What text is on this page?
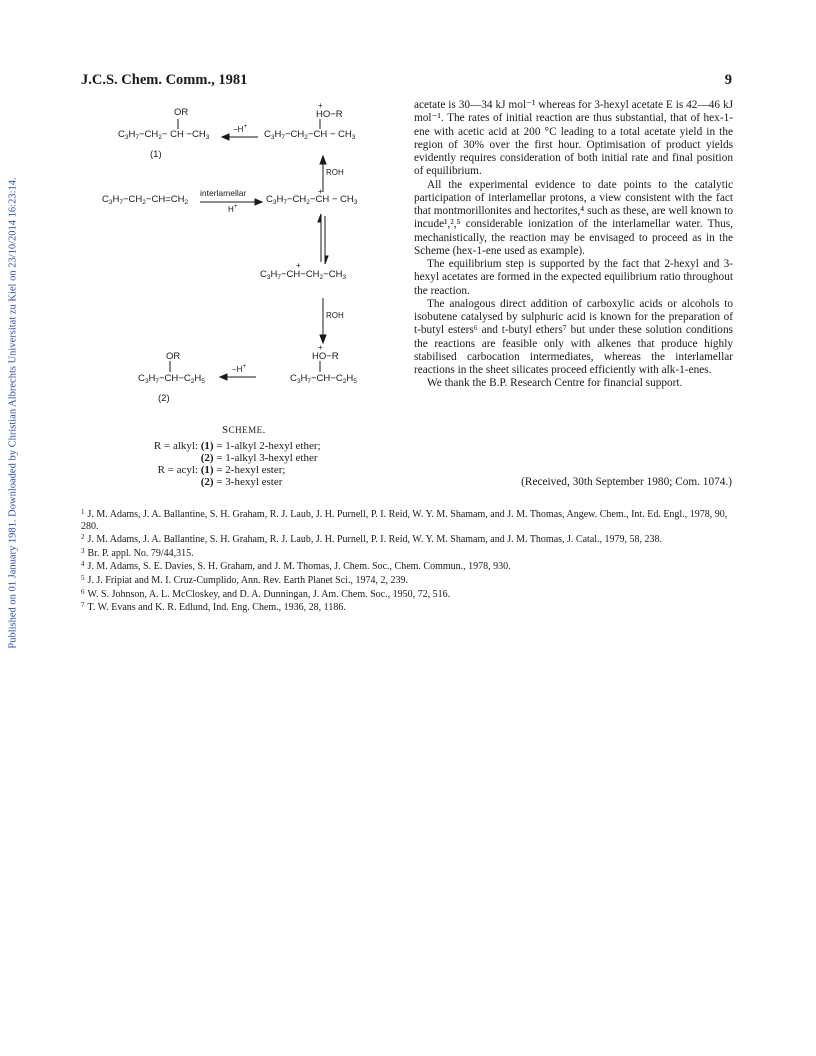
Published on 01 January 1981. Downloaded by Christian Albrechts Universitat zu Kiel on 23/10/2014 16:23:14.
J.C.S. Chem. Comm., 1981	9
OR
$C_3H_7-CH_2-$ CH $-CH_3$
(1)
−H+
+
HO−R
$C_3H_7-CH_2-CH - CH_3$
ROH
$C_3H_7-CH_2-CH=CH_2$
interlamellar
H+
+
$C_3H_7-CH_2-CH - CH_3$
+
$C_3H_7-CH-CH_2-CH_3$
ROH
OR
$C_3H_7-CH-C_2H_5$
(2)
−H+
+
HO−R
$C_3H_7-CH-C_2H_5$
SCHEME.
R = alkyl: (1) = 1-alkyl 2-hexyl ether;
(2) = 1-alkyl 3-hexyl ether
R = acyl: (1) = 2-hexyl ester;
(2) = 3-hexyl ester

acetate is 30—34 kJ mol⁻¹ whereas for 3-hexyl acetate E is 42—46 kJ mol⁻¹. The rates of initial reaction are thus substantial, that of hex-1-ene with acetic acid at 200 °C leading to a total acetate yield in the region of 30% over the first hour. Optimisation of product yields evidently requires consideration of both initial rate and final position of equilibrium.

All the experimental evidence to date points to the catalytic participation of interlamellar protons, a view consistent with the fact that montmorillonites and hectorites,⁴ such as these, are well known to incude¹,²,⁵ considerable ionization of the interlamellar water. Thus, mechanistically, the reaction may be envisaged to proceed as in the Scheme (hex-1-ene used as example).

The equilibrium step is supported by the fact that 2-hexyl and 3-hexyl acetates are formed in the expected equilibrium ratio throughout the reaction.

The analogous direct addition of carboxylic acids or alcohols to isobutene catalysed by sulphuric acid is known for the preparation of t-butyl esters⁶ and t-butyl ethers⁷ but under these solution conditions the reactions are feasible only with alkenes that produce highly stabilised carbocation intermediates, whereas the interlamellar reactions in the sheet silicates proceed efficiently with alk-1-enes.

We thank the B.P. Research Centre for financial support.

(Received, 30th September 1980; Com. 1074.)

$^1$ J. M. Adams, J. A. Ballantine, S. H. Graham, R. J. Laub, J. H. Purnell, P. I. Reid, W. Y. M. Shamam, and J. M. Thomas, Angew. Chem., Int. Ed. Engl., 1978, 90, 280.

$^2$ J. M. Adams, J. A. Ballantine, S. H. Graham, R. J. Laub, J. H. Purnell, P. I. Reid, W. Y. M. Shamam, and J. M. Thomas, J. Catal., 1979, 58, 238.

$^3$ Br. P. appl. No. 79/44,315.

$^4$ J. M. Adams, S. E. Davies, S. H. Graham, and J. M. Thomas, J. Chem. Soc., Chem. Commun., 1978, 930.

$^5$ J. J. Fripiat and M. I. Cruz-Cumplido, Ann. Rev. Earth Planet Sci., 1974, 2, 239.

$^6$ W. S. Johnson, A. L. McCloskey, and D. A. Dunningan, J. Am. Chem. Soc., 1950, 72, 516.

$^7$ T. W. Evans and K. R. Edlund, Ind. Eng. Chem., 1936, 28, 1186.
